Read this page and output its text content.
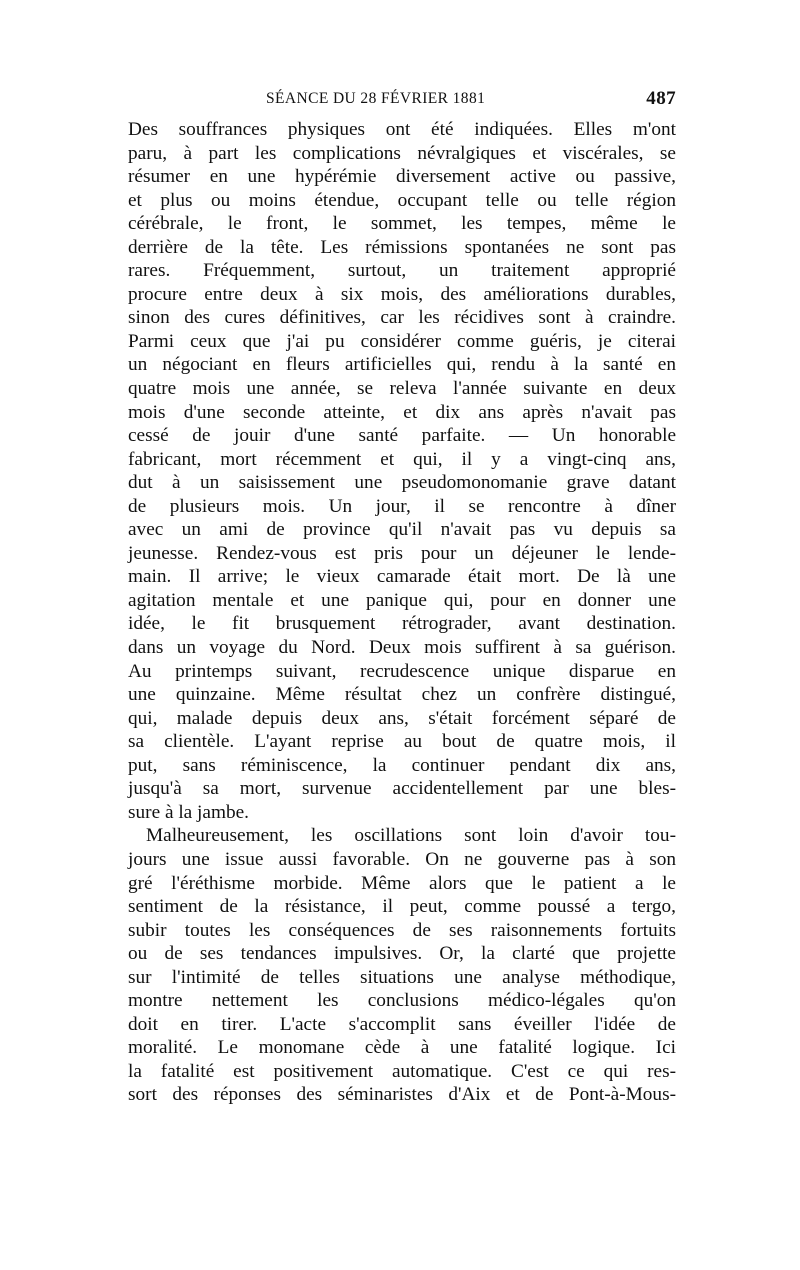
SÉANCE DU 28 FÉVRIER 1881	487
Des souffrances physiques ont été indiquées. Elles m'ont
paru, à part les complications névralgiques et viscérales, se
résumer en une hypérémie diversement active ou passive,
et plus ou moins étendue, occupant telle ou telle région
cérébrale, le front, le sommet, les tempes, même le
derrière de la tête. Les rémissions spontanées ne sont pas
rares. Fréquemment, surtout, un traitement approprié
procure entre deux à six mois, des améliorations durables,
sinon des cures définitives, car les récidives sont à craindre.
Parmi ceux que j'ai pu considérer comme guéris, je citerai
un négociant en fleurs artificielles qui, rendu à la santé en
quatre mois une année, se releva l'année suivante en deux
mois d'une seconde atteinte, et dix ans après n'avait pas
cessé de jouir d'une santé parfaite. — Un honorable
fabricant, mort récemment et qui, il y a vingt-cinq ans,
dut à un saisissement une pseudomonomanie grave datant
de plusieurs mois. Un jour, il se rencontre à dîner
avec un ami de province qu'il n'avait pas vu depuis sa
jeunesse. Rendez-vous est pris pour un déjeuner le lende-
main. Il arrive; le vieux camarade était mort. De là une
agitation mentale et une panique qui, pour en donner une
idée, le fit brusquement rétrograder, avant destination.
dans un voyage du Nord. Deux mois suffirent à sa guérison.
Au printemps suivant, recrudescence unique disparue en
une quinzaine. Même résultat chez un confrère distingué,
qui, malade depuis deux ans, s'était forcément séparé de
sa clientèle. L'ayant reprise au bout de quatre mois, il
put, sans réminiscence, la continuer pendant dix ans,
jusqu'à sa mort, survenue accidentellement par une bles-
sure à la jambe.
Malheureusement, les oscillations sont loin d'avoir tou-
jours une issue aussi favorable. On ne gouverne pas à son
gré l'éréthisme morbide. Même alors que le patient a le
sentiment de la résistance, il peut, comme poussé a tergo,
subir toutes les conséquences de ses raisonnements fortuits
ou de ses tendances impulsives. Or, la clarté que projette
sur l'intimité de telles situations une analyse méthodique,
montre nettement les conclusions médico-légales qu'on
doit en tirer. L'acte s'accomplit sans éveiller l'idée de
moralité. Le monomane cède à une fatalité logique. Ici
la fatalité est positivement automatique. C'est ce qui res-
sort des réponses des séminaristes d'Aix et de Pont-à-Mous-
